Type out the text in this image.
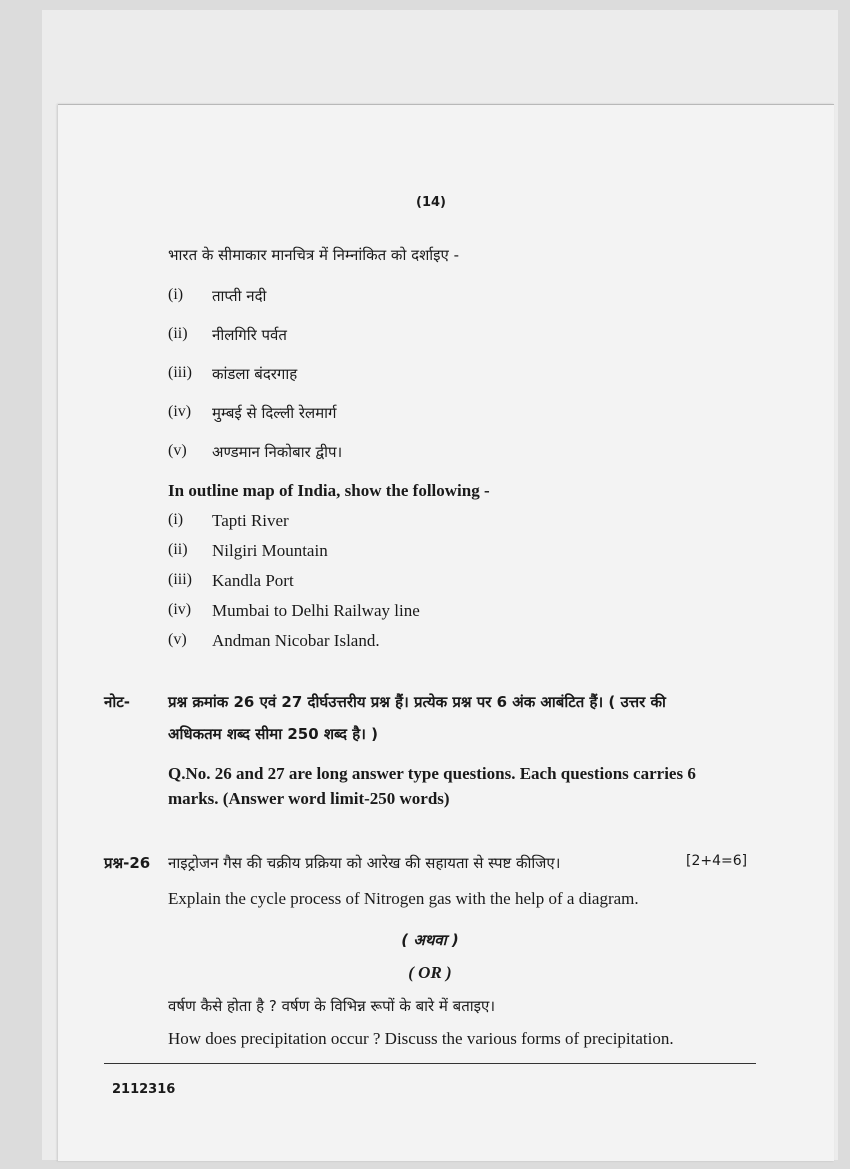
(14)
भारत के सीमाकार मानचित्र में निम्नांकित को दर्शाइए -
(i) ताप्ती नदी
(ii) नीलगिरि पर्वत
(iii) कांडला बंदरगाह
(iv) मुम्बई से दिल्ली रेलमार्ग
(v) अण्डमान निकोबार द्वीप।
In outline map of India, show the following -
(i) Tapti River
(ii) Nilgiri Mountain
(iii) Kandla Port
(iv) Mumbai to Delhi Railway line
(v) Andman Nicobar Island.
नोट-	प्रश्न क्रमांक 26 एवं 27 दीर्घउत्तरीय प्रश्न हैं। प्रत्येक प्रश्न पर 6 अंक आबंटित हैं। ( उत्तर की
अधिकतम शब्द सीमा 250 शब्द है। )
Q.No. 26 and 27 are long answer type questions. Each questions carries 6
marks. (Answer word limit-250 words)
प्रश्न-26 नाइट्रोजन गैस की चक्रीय प्रक्रिया को आरेख की सहायता से स्पष्ट कीजिए।	[2+4=6]
Explain the cycle process of Nitrogen gas with the help of a diagram.
( अथवा )
( OR )
वर्षण कैसे होता है ? वर्षण के विभिन्न रूपों के बारे में बताइए।
How does precipitation occur ? Discuss the various forms of precipitation.
2112316
